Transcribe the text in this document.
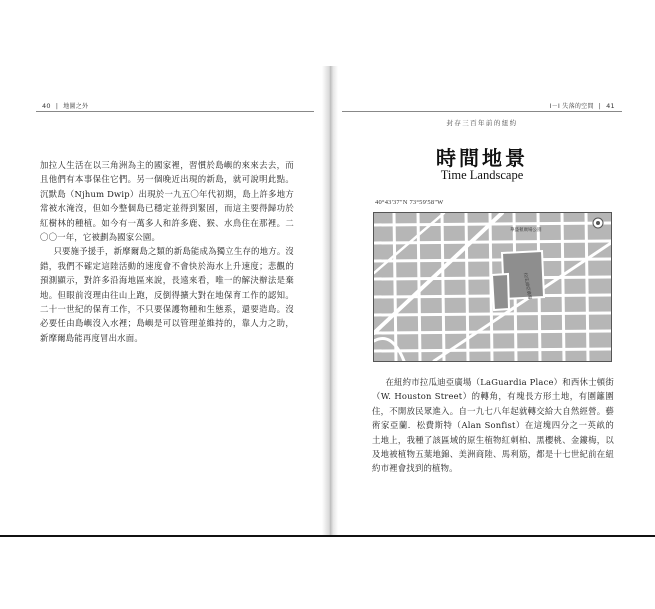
40 | 地圖之外

加拉人生活在以三角洲為主的國家裡，習慣於島嶼的來來去去，而且他們有本事保住它們。另一個晚近出現的新島，就可說明此點。沉默島（Njhum Dwip）出現於一九五〇年代初期，島上許多地方常被水淹沒，但如今整個島已穩定並得到緊固，而這主要得歸功於紅樹林的種植。如今有一萬多人和許多鹿、猴、水鳥住在那裡。二〇〇一年，它被劃為國家公園。

只要施予援手，新摩爾島之類的新島能成為獨立生存的地方。沒錯，我們不確定這陸活動的速度會不會快於海水上升速度；悲觀的預測顯示，對許多沿海地區來說，長遠來看，唯一的解決辦法是棄地。但眼前沒理由往山上跑，反倒得擴大對在地保育工作的認知。二十一世紀的保育工作，不只要保護物種和生態系，還要造島。沒必要任由島嶼沒入水裡；島嶼是可以管理並維持的，靠人力之助，新摩爾島能再度冒出水面。

I－I 失落的空間 | 41
封存三百年前的紐約
時間地景
Time Landscape
40°43'37"N 73°59'58"W
華盛頓廣場公園
拉瓜迪亞廣場

在紐約市拉瓜迪亞廣場（LaGuardia Place）和西休士頓街（W. Houston Street）的轉角，有塊長方形土地，有圍籬圍住，不開放民眾進入。自一九七八年起就轉交給大自然經營。藝術家亞蘭．松費斯特（Alan Sonfist）在這塊四分之一英畝的土地上，我種了該區域的原生植物紅刺柏、黑櫻桃、金鏤梅，以及地被植物五葉地錦、美洲商陸、馬利筋，都是十七世紀前在紐約市裡會找到的植物。
